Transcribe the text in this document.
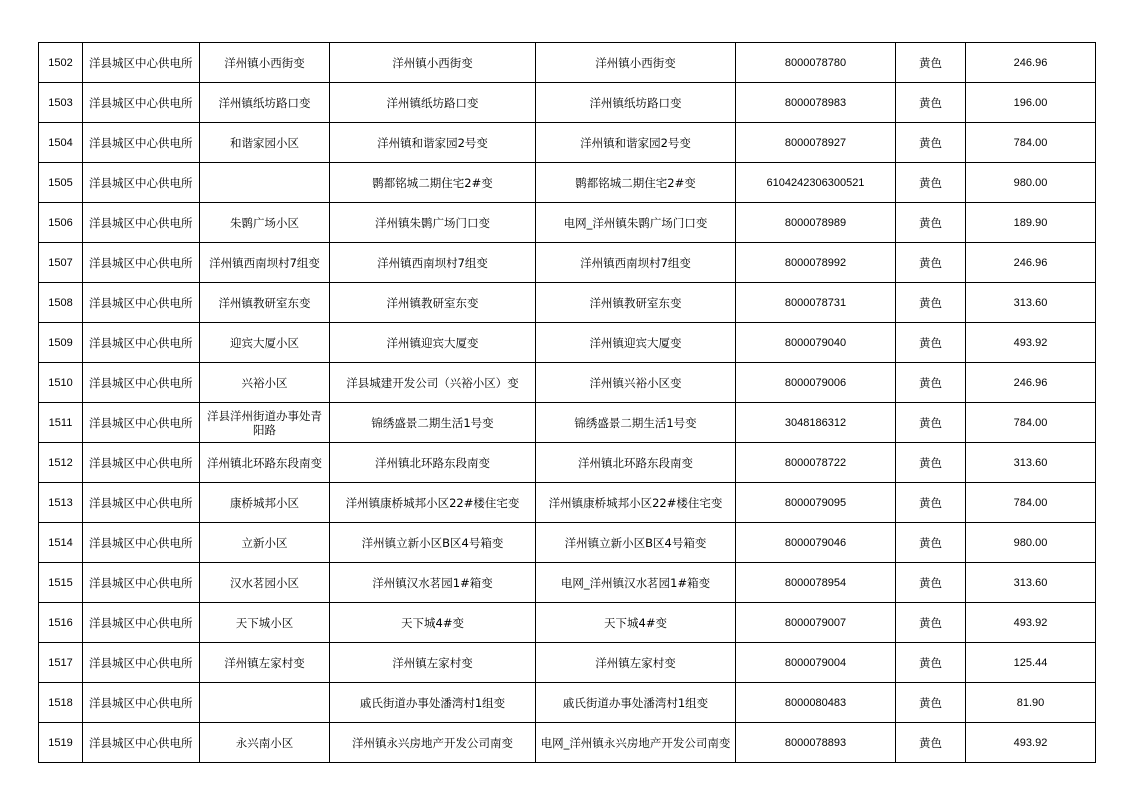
1502	洋县城区中心供电所	洋州镇小西街变	洋州镇小西街变	洋州镇小西街变	8000078780	黄色	246.96
1503	洋县城区中心供电所	洋州镇纸坊路口变	洋州镇纸坊路口变	洋州镇纸坊路口变	8000078983	黄色	196.00
1504	洋县城区中心供电所	和谐家园小区	洋州镇和谐家园2号变	洋州镇和谐家园2号变	8000078927	黄色	784.00
1505	洋县城区中心供电所		鹮都铭城二期住宅2#变	鹮都铭城二期住宅2#变	6104242306300521	黄色	980.00
1506	洋县城区中心供电所	朱鹮广场小区	洋州镇朱鹮广场门口变	电网_洋州镇朱鹮广场门口变	8000078989	黄色	189.90
1507	洋县城区中心供电所	洋州镇西南坝村7组变	洋州镇西南坝村7组变	洋州镇西南坝村7组变	8000078992	黄色	246.96
1508	洋县城区中心供电所	洋州镇教研室东变	洋州镇教研室东变	洋州镇教研室东变	8000078731	黄色	313.60
1509	洋县城区中心供电所	迎宾大厦小区	洋州镇迎宾大厦变	洋州镇迎宾大厦变	8000079040	黄色	493.92
1510	洋县城区中心供电所	兴裕小区	洋县城建开发公司（兴裕小区）变	洋州镇兴裕小区变	8000079006	黄色	246.96
1511	洋县城区中心供电所	洋县洋州街道办事处青阳路	锦绣盛景二期生活1号变	锦绣盛景二期生活1号变	3048186312	黄色	784.00
1512	洋县城区中心供电所	洋州镇北环路东段南变	洋州镇北环路东段南变	洋州镇北环路东段南变	8000078722	黄色	313.60
1513	洋县城区中心供电所	康桥城邦小区	洋州镇康桥城邦小区22#楼住宅变	洋州镇康桥城邦小区22#楼住宅变	8000079095	黄色	784.00
1514	洋县城区中心供电所	立新小区	洋州镇立新小区B区4号箱变	洋州镇立新小区B区4号箱变	8000079046	黄色	980.00
1515	洋县城区中心供电所	汉水茗园小区	洋州镇汉水茗园1#箱变	电网_洋州镇汉水茗园1#箱变	8000078954	黄色	313.60
1516	洋县城区中心供电所	天下城小区	天下城4#变	天下城4#变	8000079007	黄色	493.92
1517	洋县城区中心供电所	洋州镇左家村变	洋州镇左家村变	洋州镇左家村变	8000079004	黄色	125.44
1518	洋县城区中心供电所		戚氏街道办事处潘湾村1组变	戚氏街道办事处潘湾村1组变	8000080483	黄色	81.90
1519	洋县城区中心供电所	永兴南小区	洋州镇永兴房地产开发公司南变	电网_洋州镇永兴房地产开发公司南变	8000078893	黄色	493.92
